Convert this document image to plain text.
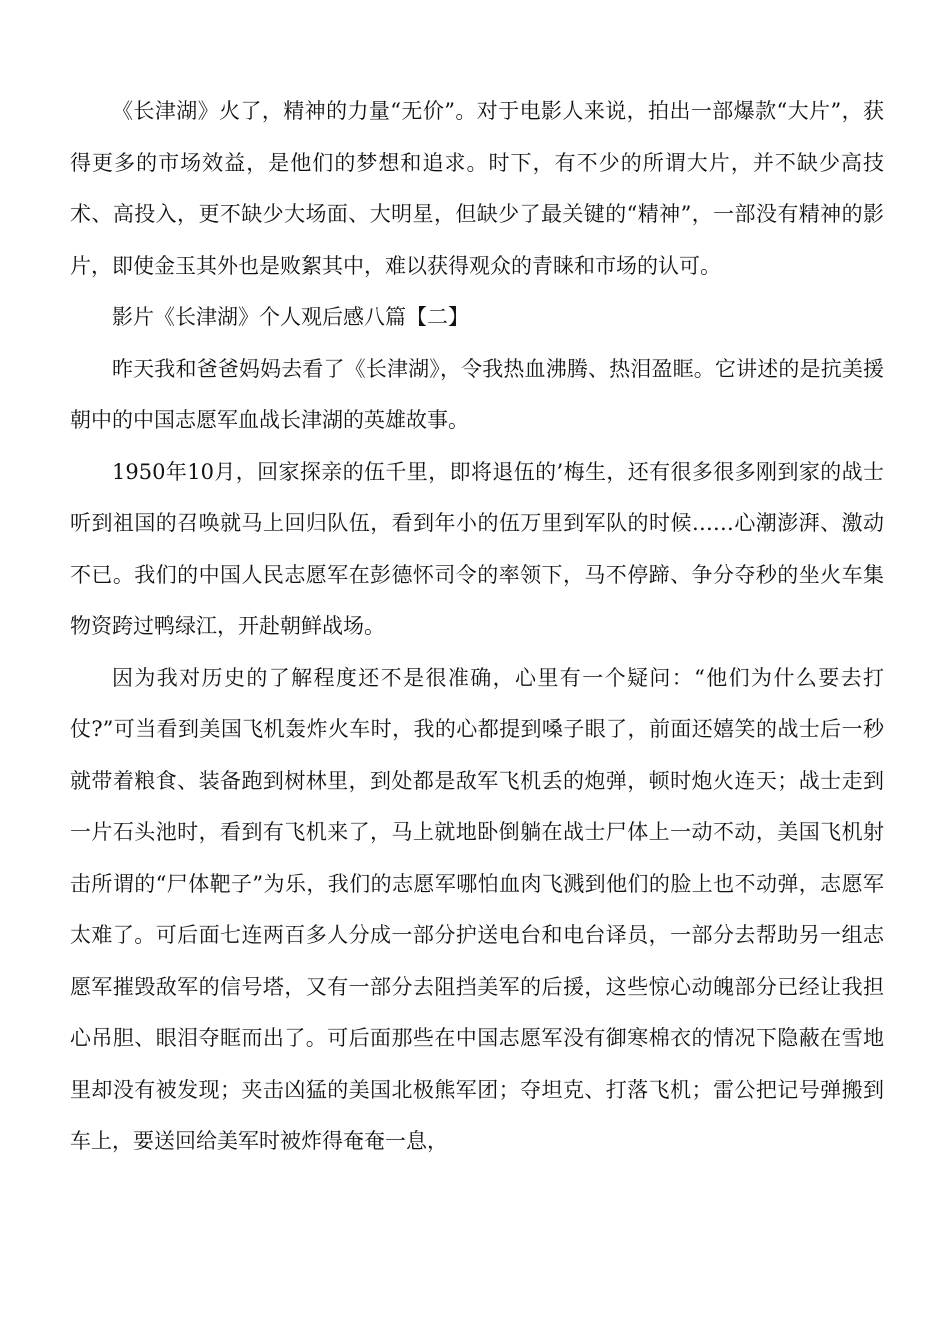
《长津湖》火了，精神的力量“无价”。对于电影人来说，拍出一部爆款“大片”，获得更多的市场效益，是他们的梦想和追求。时下，有不少的所谓大片，并不缺少高技术、高投入，更不缺少大场面、大明星，但缺少了最关键的“精神”，一部没有精神的影片，即使金玉其外也是败絮其中，难以获得观众的青睐和市场的认可。

影片《长津湖》个人观后感八篇【二】

昨天我和爸爸妈妈去看了《长津湖》，令我热血沸腾、热泪盈眶。它讲述的是抗美援朝中的中国志愿军血战长津湖的英雄故事。

1950年10月，回家探亲的伍千里，即将退伍的’梅生，还有很多很多刚到家的战士听到祖国的召唤就马上回归队伍，看到年小的伍万里到军队的时候……心潮澎湃、激动不已。我们的中国人民志愿军在彭德怀司令的率领下，马不停蹄、争分夺秒的坐火车集物资跨过鸭绿江，开赴朝鲜战场。

因为我对历史的了解程度还不是很准确，心里有一个疑问：“他们为什么要去打仗?”可当看到美国飞机轰炸火车时，我的心都提到嗓子眼了，前面还嬉笑的战士后一秒就带着粮食、装备跑到树林里，到处都是敌军飞机丢的炮弹，顿时炮火连天；战士走到一片石头池时，看到有飞机来了，马上就地卧倒躺在战士尸体上一动不动，美国飞机射击所谓的“尸体靶子”为乐，我们的志愿军哪怕血肉飞溅到他们的脸上也不动弹，志愿军太难了。可后面七连两百多人分成一部分护送电台和电台译员，一部分去帮助另一组志愿军摧毁敌军的信号塔，又有一部分去阻挡美军的后援，这些惊心动魄部分已经让我担心吊胆、眼泪夺眶而出了。可后面那些在中国志愿军没有御寒棉衣的情况下隐蔽在雪地里却没有被发现；夹击凶猛的美国北极熊军团；夺坦克、打落飞机；雷公把记号弹搬到车上，要送回给美军时被炸得奄奄一息，
